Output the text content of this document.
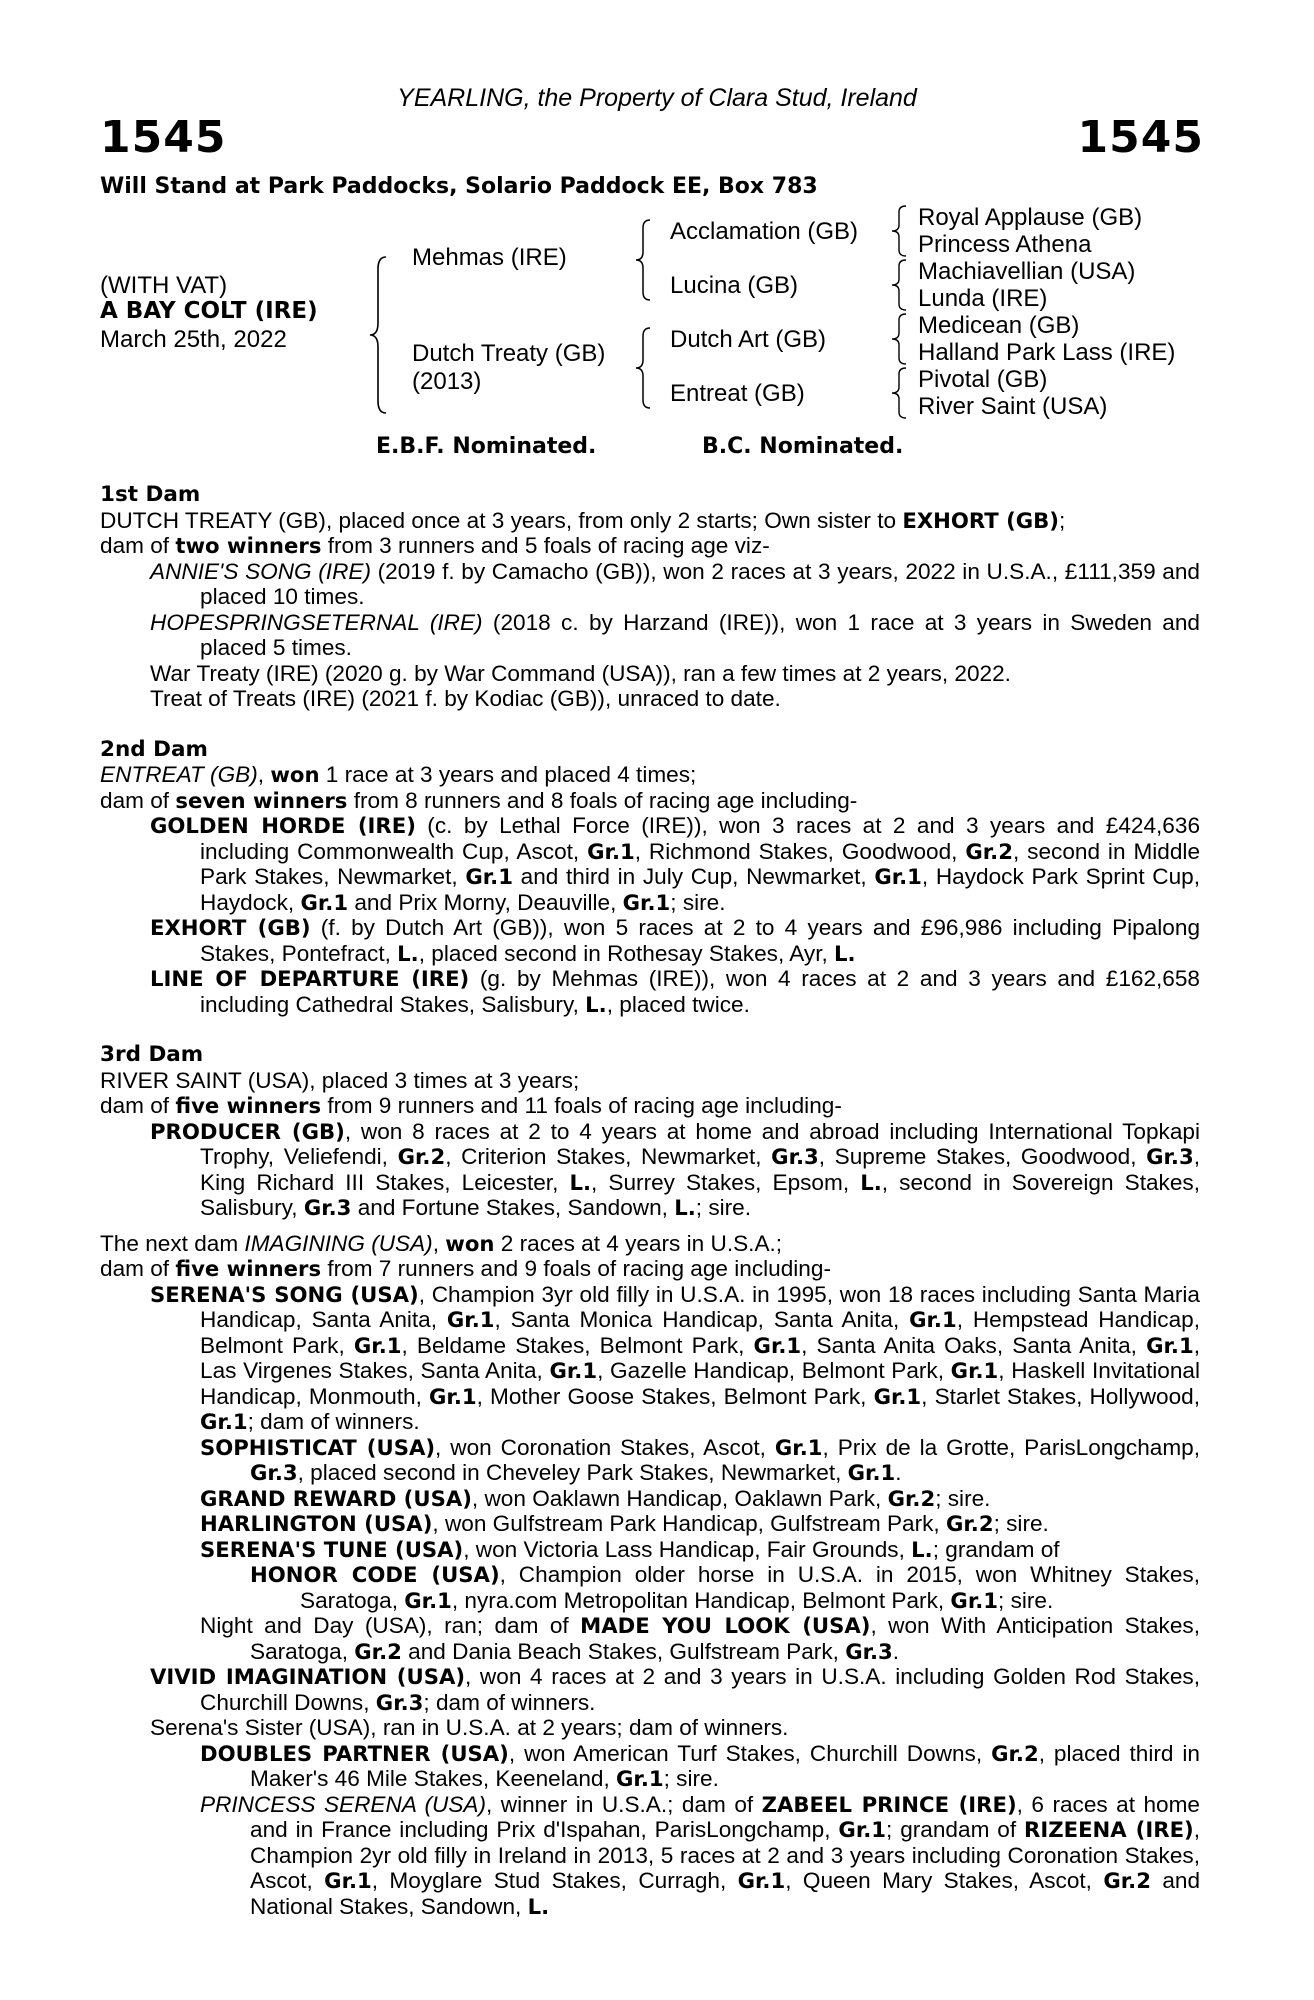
YEARLING, the Property of Clara Stud, Ireland
1545	1545
Will Stand at Park Paddocks, Solario Paddock EE, Box 783
(WITH VAT)
A BAY COLT (IRE)
March 25th, 2022
Mehmas (IRE)
Dutch Treaty (GB)
(2013)
Acclamation (GB)
Lucina (GB)
Dutch Art (GB)
Entreat (GB)
Royal Applause (GB)
Princess Athena
Machiavellian (USA)
Lunda (IRE)
Medicean (GB)
Halland Park Lass (IRE)
Pivotal (GB)
River Saint (USA)
E.B.F. Nominated.	B.C. Nominated.

1st Dam

DUTCH TREATY (GB), placed once at 3 years, from only 2 starts; Own sister to EXHORT (GB);
dam of two winners from 3 runners and 5 foals of racing age viz-

ANNIE'S SONG (IRE) (2019 f. by Camacho (GB)), won 2 races at 3 years, 2022 in U.S.A., £111,359 and placed 10 times.

HOPESPRINGSETERNAL (IRE) (2018 c. by Harzand (IRE)), won 1 race at 3 years in Sweden and placed 5 times.

War Treaty (IRE) (2020 g. by War Command (USA)), ran a few times at 2 years, 2022.

Treat of Treats (IRE) (2021 f. by Kodiac (GB)), unraced to date.

2nd Dam

ENTREAT (GB), won 1 race at 3 years and placed 4 times;
dam of seven winners from 8 runners and 8 foals of racing age including-

GOLDEN HORDE (IRE) (c. by Lethal Force (IRE)), won 3 races at 2 and 3 years and £424,636 including Commonwealth Cup, Ascot, Gr.1, Richmond Stakes, Goodwood, Gr.2, second in Middle Park Stakes, Newmarket, Gr.1 and third in July Cup, Newmarket, Gr.1, Haydock Park Sprint Cup, Haydock, Gr.1 and Prix Morny, Deauville, Gr.1; sire.

EXHORT (GB) (f. by Dutch Art (GB)), won 5 races at 2 to 4 years and £96,986 including Pipalong Stakes, Pontefract, L., placed second in Rothesay Stakes, Ayr, L.

LINE OF DEPARTURE (IRE) (g. by Mehmas (IRE)), won 4 races at 2 and 3 years and £162,658 including Cathedral Stakes, Salisbury, L., placed twice.

3rd Dam

RIVER SAINT (USA), placed 3 times at 3 years;
dam of five winners from 9 runners and 11 foals of racing age including-

PRODUCER (GB), won 8 races at 2 to 4 years at home and abroad including International Topkapi Trophy, Veliefendi, Gr.2, Criterion Stakes, Newmarket, Gr.3, Supreme Stakes, Goodwood, Gr.3, King Richard III Stakes, Leicester, L., Surrey Stakes, Epsom, L., second in Sovereign Stakes, Salisbury, Gr.3 and Fortune Stakes, Sandown, L.; sire.

The next dam IMAGINING (USA), won 2 races at 4 years in U.S.A.;
dam of five winners from 7 runners and 9 foals of racing age including-

SERENA'S SONG (USA), Champion 3yr old filly in U.S.A. in 1995, won 18 races including Santa Maria Handicap, Santa Anita, Gr.1, Santa Monica Handicap, Santa Anita, Gr.1, Hempstead Handicap, Belmont Park, Gr.1, Beldame Stakes, Belmont Park, Gr.1, Santa Anita Oaks, Santa Anita, Gr.1, Las Virgenes Stakes, Santa Anita, Gr.1, Gazelle Handicap, Belmont Park, Gr.1, Haskell Invitational Handicap, Monmouth, Gr.1, Mother Goose Stakes, Belmont Park, Gr.1, Starlet Stakes, Hollywood, Gr.1; dam of winners.

SOPHISTICAT (USA), won Coronation Stakes, Ascot, Gr.1, Prix de la Grotte, ParisLongchamp, Gr.3, placed second in Cheveley Park Stakes, Newmarket, Gr.1.

GRAND REWARD (USA), won Oaklawn Handicap, Oaklawn Park, Gr.2; sire.

HARLINGTON (USA), won Gulfstream Park Handicap, Gulfstream Park, Gr.2; sire.

SERENA'S TUNE (USA), won Victoria Lass Handicap, Fair Grounds, L.; grandam of

HONOR CODE (USA), Champion older horse in U.S.A. in 2015, won Whitney Stakes, Saratoga, Gr.1, nyra.com Metropolitan Handicap, Belmont Park, Gr.1; sire.

Night and Day (USA), ran; dam of MADE YOU LOOK (USA), won With Anticipation Stakes, Saratoga, Gr.2 and Dania Beach Stakes, Gulfstream Park, Gr.3.

VIVID IMAGINATION (USA), won 4 races at 2 and 3 years in U.S.A. including Golden Rod Stakes, Churchill Downs, Gr.3; dam of winners.

Serena's Sister (USA), ran in U.S.A. at 2 years; dam of winners.

DOUBLES PARTNER (USA), won American Turf Stakes, Churchill Downs, Gr.2, placed third in Maker's 46 Mile Stakes, Keeneland, Gr.1; sire.

PRINCESS SERENA (USA), winner in U.S.A.; dam of ZABEEL PRINCE (IRE), 6 races at home and in France including Prix d'Ispahan, ParisLongchamp, Gr.1; grandam of RIZEENA (IRE), Champion 2yr old filly in Ireland in 2013, 5 races at 2 and 3 years including Coronation Stakes, Ascot, Gr.1, Moyglare Stud Stakes, Curragh, Gr.1, Queen Mary Stakes, Ascot, Gr.2 and National Stakes, Sandown, L.
